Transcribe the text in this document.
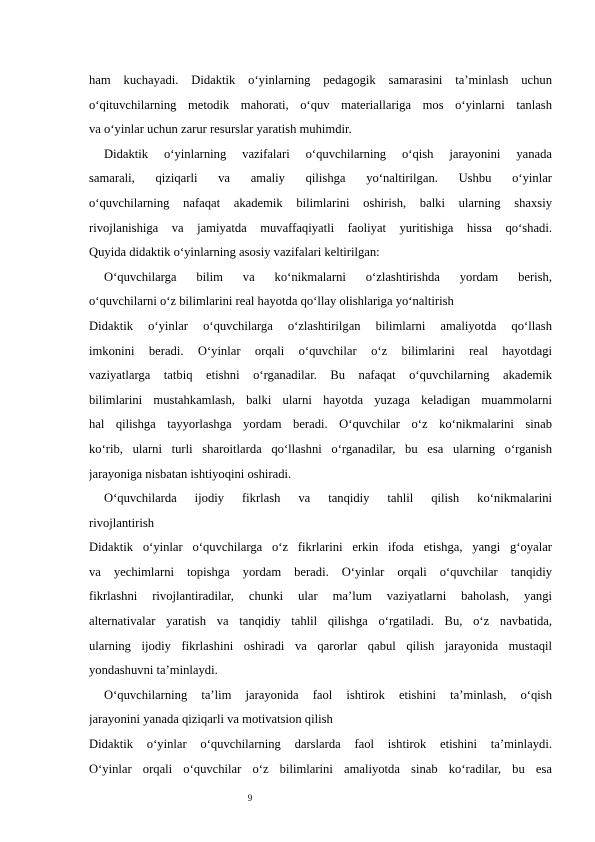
ham kuchayadi. Didaktik o‘yinlarning pedagogik samarasini ta’minlash uchun
o‘qituvchilarning metodik mahorati, o‘quv materiallariga mos o‘yinlarni tanlash
va o‘yinlar uchun zarur resurslar yaratish muhimdir.
Didaktik o‘yinlarning vazifalari o‘quvchilarning o‘qish jarayonini yanada
samarali, qiziqarli va amaliy qilishga yo‘naltirilgan. Ushbu o‘yinlar
o‘quvchilarning nafaqat akademik bilimlarini oshirish, balki ularning shaxsiy
rivojlanishiga va jamiyatda muvaffaqiyatli faoliyat yuritishiga hissa qo‘shadi.
Quyida didaktik o‘yinlarning asosiy vazifalari keltirilgan:
O‘quvchilarga bilim va ko‘nikmalarni o‘zlashtirishda yordam berish,
o‘quvchilarni o‘z bilimlarini real hayotda qo‘llay olishlariga yo‘naltirish
Didaktik o‘yinlar o‘quvchilarga o‘zlashtirilgan bilimlarni amaliyotda qo‘llash
imkonini beradi. O‘yinlar orqali o‘quvchilar o‘z bilimlarini real hayotdagi
vaziyatlarga tatbiq etishni o‘rganadilar. Bu nafaqat o‘quvchilarning akademik
bilimlarini mustahkamlash, balki ularni hayotda yuzaga keladigan muammolarni
hal qilishga tayyorlashga yordam beradi. O‘quvchilar o‘z ko‘nikmalarini sinab
ko‘rib, ularni turli sharoitlarda qo‘llashni o‘rganadilar, bu esa ularning o‘rganish
jarayoniga nisbatan ishtiyoqini oshiradi.
O‘quvchilarda ijodiy fikrlash va tanqidiy tahlil qilish ko‘nikmalarini
rivojlantirish
Didaktik o‘yinlar o‘quvchilarga o‘z fikrlarini erkin ifoda etishga, yangi g‘oyalar
va yechimlarni topishga yordam beradi. O‘yinlar orqali o‘quvchilar tanqidiy
fikrlashni rivojlantiradilar, chunki ular ma’lum vaziyatlarni baholash, yangi
alternativalar yaratish va tanqidiy tahlil qilishga o‘rgatiladi. Bu, o‘z navbatida,
ularning ijodiy fikrlashini oshiradi va qarorlar qabul qilish jarayonida mustaqil
yondashuvni ta’minlaydi.
O‘quvchilarning ta’lim jarayonida faol ishtirok etishini ta’minlash, o‘qish
jarayonini yanada qiziqarli va motivatsion qilish
Didaktik o‘yinlar o‘quvchilarning darslarda faol ishtirok etishini ta’minlaydi.
O‘yinlar orqali o‘quvchilar o‘z bilimlarini amaliyotda sinab ko‘radilar, bu esa
9
